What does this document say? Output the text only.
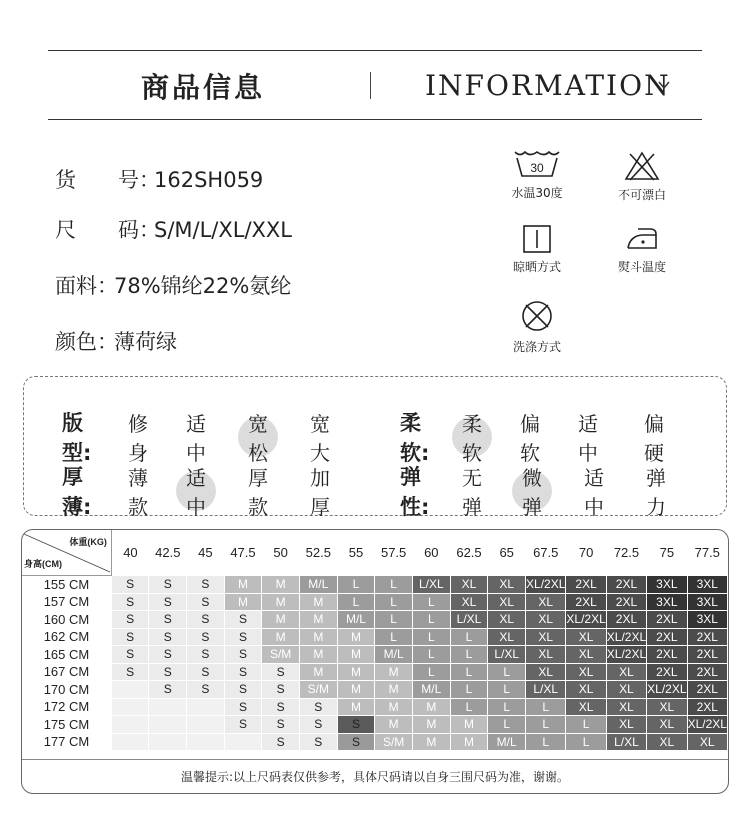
商品信息	INFORMATION
货　　号：162SH059
尺　　码：S/M/L/XL/XXL
面料：78%锦纶22%氨纶
颜色：薄荷绿
30
水温30度	不可漂白
晾晒方式	熨斗温度
洗涤方式
版型:
修身
适中
宽松
宽大
柔软:
柔软
偏软
适中
偏硬
厚薄:
薄款
适中
厚款
加厚
弹性:
无弹
微弹
适中
弹力
体重(KG)
身高(CM)	40	42.5	45	47.5	50	52.5	55	57.5	60	62.5	65	67.5	70	72.5	75	77.5
155 CM	S	S	S	M	M	M/L	L	L	L/XL	XL	XL	XL/2XL	2XL	2XL	3XL	3XL
157 CM	S	S	S	M	M	M	L	L	L	XL	XL	XL	2XL	2XL	3XL	3XL
160 CM	S	S	S	S	M	M	M/L	L	L	L/XL	XL	XL	XL/2XL	2XL	2XL	3XL
162 CM	S	S	S	S	M	M	M	L	L	L	XL	XL	XL	XL/2XL	2XL	2XL
165 CM	S	S	S	S	S/M	M	M	M/L	L	L	L/XL	XL	XL	XL/2XL	2XL	2XL
167 CM	S	S	S	S	S	M	M	M	L	L	L	XL	XL	XL	2XL	2XL
170 CM		S	S	S	S	S/M	M	M	M/L	L	L	L/XL	XL	XL	XL/2XL	2XL
172 CM				S	S	S	M	M	M	L	L	L	XL	XL	XL	2XL
175 CM				S	S	S	S	M	M	M	L	L	L	XL	XL	XL/2XL
177 CM					S	S	S	S/M	M	M	M/L	L	L	L/XL	XL	XL
温馨提示:以上尺码表仅供参考，具体尺码请以自身三围尺码为准，谢谢。
